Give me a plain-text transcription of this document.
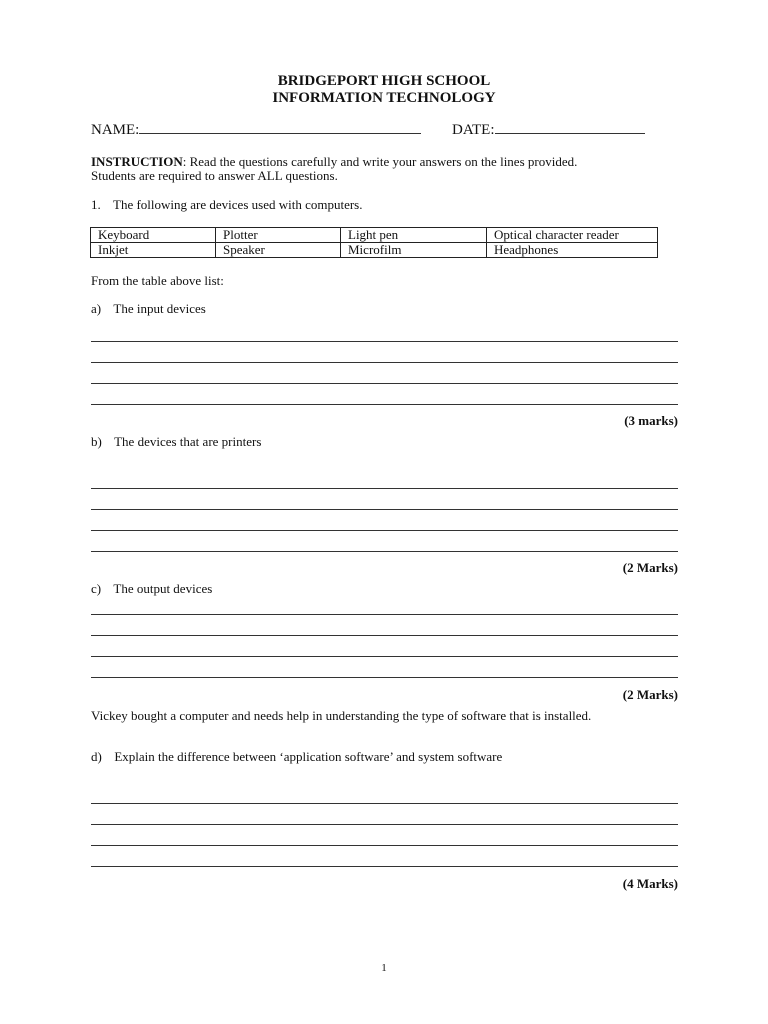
BRIDGEPORT HIGH SCHOOL
INFORMATION TECHNOLOGY
NAME:	DATE:
INSTRUCTION: Read the questions carefully and write your answers on the lines provided.
Students are required to answer ALL questions.
1. The following are devices used with computers.
Keyboard	Plotter	Light pen	Optical character reader
Inkjet	Speaker	Microfilm	Headphones
From the table above list:
a) The input devices
(3 marks)
b) The devices that are printers
(2 Marks)
c) The output devices
(2 Marks)
Vickey bought a computer and needs help in understanding the type of software that is installed.
d) Explain the difference between ‘application software’ and system software
(4 Marks)
1
